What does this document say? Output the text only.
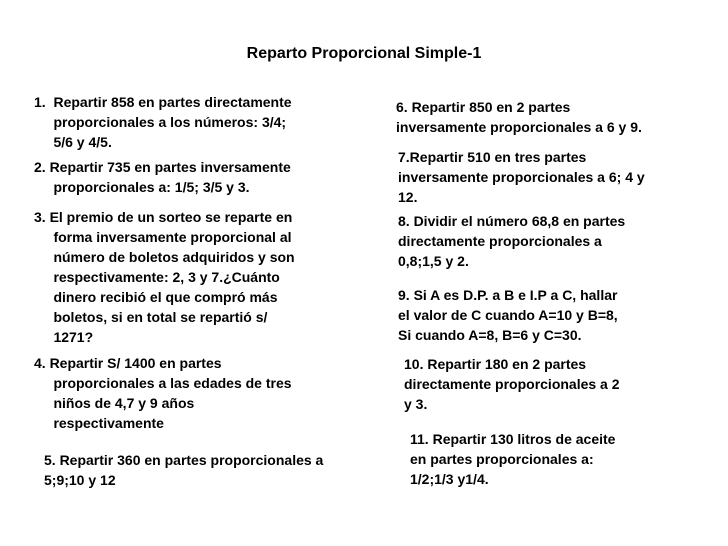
Reparto Proporcional Simple-1
1.  Repartir 858 en partes directamente
proporcionales a los números: 3/4;
5/6 y 4/5.
2. Repartir 735 en partes inversamente
proporcionales a: 1/5; 3/5 y 3.
3. El premio de un sorteo se reparte en
forma inversamente proporcional al
número de boletos adquiridos y son
respectivamente: 2, 3 y 7.¿Cuánto
dinero recibió el que compró más
boletos, si en total se repartió s/
1271?
4. Repartir S/ 1400 en partes
proporcionales a las edades de tres
niños de 4,7 y 9 años
respectivamente
5. Repartir 360 en partes proporcionales a
5;9;10 y 12
6. Repartir 850 en 2 partes
inversamente proporcionales a 6 y 9.
7.Repartir 510 en tres partes
inversamente proporcionales a 6; 4 y
12.
8. Dividir el número 68,8 en partes
directamente proporcionales a
0,8;1,5 y 2.
9. Si A es D.P. a B e I.P a C, hallar
el valor de C cuando A=10 y B=8,
Si cuando A=8, B=6 y C=30.
10. Repartir 180 en 2 partes
directamente proporcionales a 2
y 3.
11. Repartir 130 litros de aceite
en partes proporcionales a:
1/2;1/3 y1/4.
